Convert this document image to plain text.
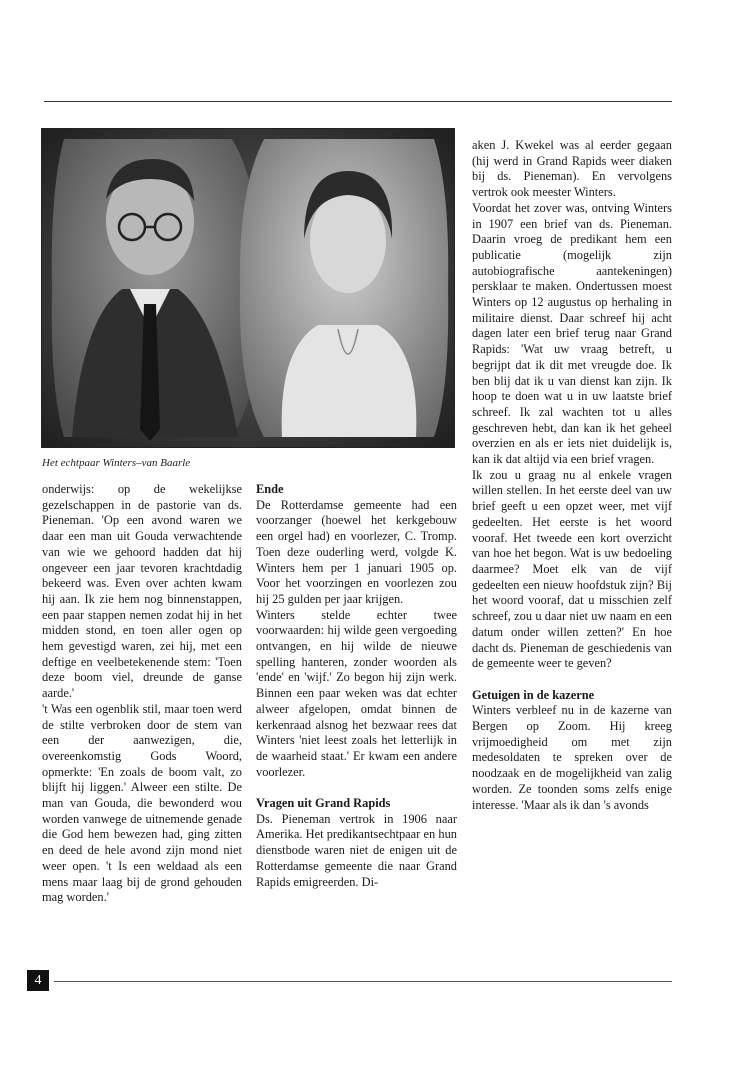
Het echtpaar Winters–van Baarle

onderwijs: op de wekelijkse gezelschappen in de pastorie van ds. Pieneman. 'Op een avond waren we daar een man uit Gouda verwachtende van wie we gehoord hadden dat hij ongeveer een jaar tevoren krachtdadig bekeerd was. Even over achten kwam hij aan. Ik zie hem nog binnenstappen, een paar stappen nemen zodat hij in het midden stond, en toen aller ogen op hem gevestigd waren, zei hij, met een deftige en veelbetekenende stem: 'Toen deze boom viel, dreunde de ganse aarde.'

't Was een ogenblik stil, maar toen werd de stilte verbroken door de stem van een der aanwezigen, die, overeenkomstig Gods Woord, opmerkte: 'En zoals de boom valt, zo blijft hij liggen.' Alweer een stilte. De man van Gouda, die bewonderd wou worden vanwege de uitnemende genade die God hem bewezen had, ging zitten en deed de hele avond zijn mond niet weer open. 't Is een weldaad als een mens maar laag bij de grond gehouden mag worden.'

Ende

De Rotterdamse gemeente had een voorzanger (hoewel het kerkgebouw een orgel had) en voorlezer, C. Tromp. Toen deze ouderling werd, volgde K. Winters hem per 1 januari 1905 op. Voor het voorzingen en voorlezen zou hij 25 gulden per jaar krijgen.

Winters stelde echter twee voorwaarden: hij wilde geen vergoeding ontvangen, en hij wilde de nieuwe spelling hanteren, zonder woorden als 'ende' en 'wijf.' Zo begon hij zijn werk. Binnen een paar weken was dat echter alweer afgelopen, omdat binnen de kerkenraad alsnog het bezwaar rees dat Winters 'niet leest zoals het letterlijk in de waarheid staat.' Er kwam een andere voorlezer.

Vragen uit Grand Rapids

Ds. Pieneman vertrok in 1906 naar Amerika. Het predikantsechtpaar en hun dienstbode waren niet de enigen uit de Rotterdamse gemeente die naar Grand Rapids emigreerden. Di-

aken J. Kwekel was al eerder gegaan (hij werd in Grand Rapids weer diaken bij ds. Pieneman). En vervolgens vertrok ook meester Winters.

Voordat het zover was, ontving Winters in 1907 een brief van ds. Pieneman. Daarin vroeg de predikant hem een publicatie (mogelijk zijn autobiografische aantekeningen) persklaar te maken. Ondertussen moest Winters op 12 augustus op herhaling in militaire dienst. Daar schreef hij acht dagen later een brief terug naar Grand Rapids: 'Wat uw vraag betreft, u begrijpt dat ik dit met vreugde doe. Ik ben blij dat ik u van dienst kan zijn. Ik hoop te doen wat u in uw laatste brief schreef. Ik zal wachten tot u alles geschreven hebt, dan kan ik het geheel overzien en als er iets niet duidelijk is, kan ik dat altijd via een brief vragen.

Ik zou u graag nu al enkele vragen willen stellen. In het eerste deel van uw brief geeft u een opzet weer, met vijf gedeelten. Het eerste is het woord vooraf. Het tweede een kort overzicht van hoe het begon. Wat is uw bedoeling daarmee? Moet elk van de vijf gedeelten een nieuw hoofdstuk zijn? Bij het woord vooraf, dat u misschien zelf schreef, zou u daar niet uw naam en een datum onder willen zetten?' En hoe dacht ds. Pieneman de geschiedenis van de gemeente weer te geven?

Getuigen in de kazerne

Winters verbleef nu in de kazerne van Bergen op Zoom. Hij kreeg vrijmoedigheid om met zijn medesoldaten te spreken over de noodzaak en de mogelijkheid van zalig worden. Ze toonden soms zelfs enige interesse. 'Maar als ik dan 's avonds

4
